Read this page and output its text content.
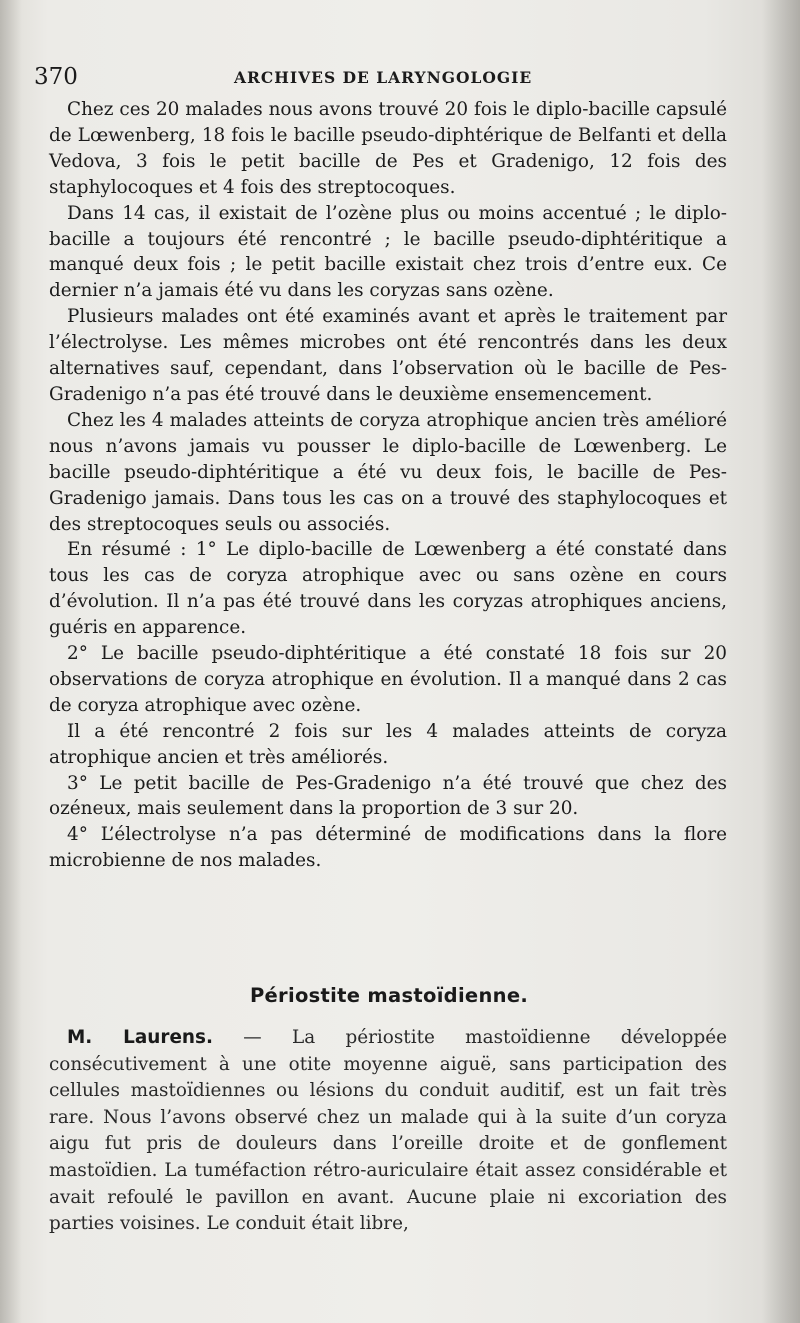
370	ARCHIVES DE LARYNGOLOGIE

Chez ces 20 malades nous avons trouvé 20 fois le diplo-bacille capsulé de Lœwenberg, 18 fois le bacille pseudo-diphtérique de Belfanti et della Vedova, 3 fois le petit bacille de Pes et Gradenigo, 12 fois des staphylocoques et 4 fois des streptocoques.

Dans 14 cas, il existait de l’ozène plus ou moins accentué ; le diplo-bacille a toujours été rencontré ; le bacille pseudo-diphtéritique a manqué deux fois ; le petit bacille existait chez trois d’entre eux. Ce dernier n’a jamais été vu dans les coryzas sans ozène.

Plusieurs malades ont été examinés avant et après le traitement par l’électrolyse. Les mêmes microbes ont été rencontrés dans les deux alternatives sauf, cependant, dans l’observation où le bacille de Pes-Gradenigo n’a pas été trouvé dans le deuxième ensemencement.

Chez les 4 malades atteints de coryza atrophique ancien très amélioré nous n’avons jamais vu pousser le diplo-bacille de Lœwenberg. Le bacille pseudo-diphtéritique a été vu deux fois, le bacille de Pes-Gradenigo jamais. Dans tous les cas on a trouvé des staphylocoques et des streptocoques seuls ou associés.

En résumé : 1° Le diplo-bacille de Lœwenberg a été constaté dans tous les cas de coryza atrophique avec ou sans ozène en cours d’évolution. Il n’a pas été trouvé dans les coryzas atrophiques anciens, guéris en apparence.

2° Le bacille pseudo-diphtéritique a été constaté 18 fois sur 20 observations de coryza atrophique en évolution. Il a manqué dans 2 cas de coryza atrophique avec ozène.

Il a été rencontré 2 fois sur les 4 malades atteints de coryza atrophique ancien et très améliorés.

3° Le petit bacille de Pes-Gradenigo n’a été trouvé que chez des ozéneux, mais seulement dans la proportion de 3 sur 20.

4° L’électrolyse n’a pas déterminé de modifications dans la flore microbienne de nos malades.

Périostite mastoïdienne.

M. Laurens. — La périostite mastoïdienne développée consécutivement à une otite moyenne aiguë, sans participation des cellules mastoïdiennes ou lésions du conduit auditif, est un fait très rare. Nous l’avons observé chez un malade qui à la suite d’un coryza aigu fut pris de douleurs dans l’oreille droite et de gonflement mastoïdien. La tuméfaction rétro-auriculaire était assez considérable et avait refoulé le pavillon en avant. Aucune plaie ni excoriation des parties voisines. Le conduit était libre,
